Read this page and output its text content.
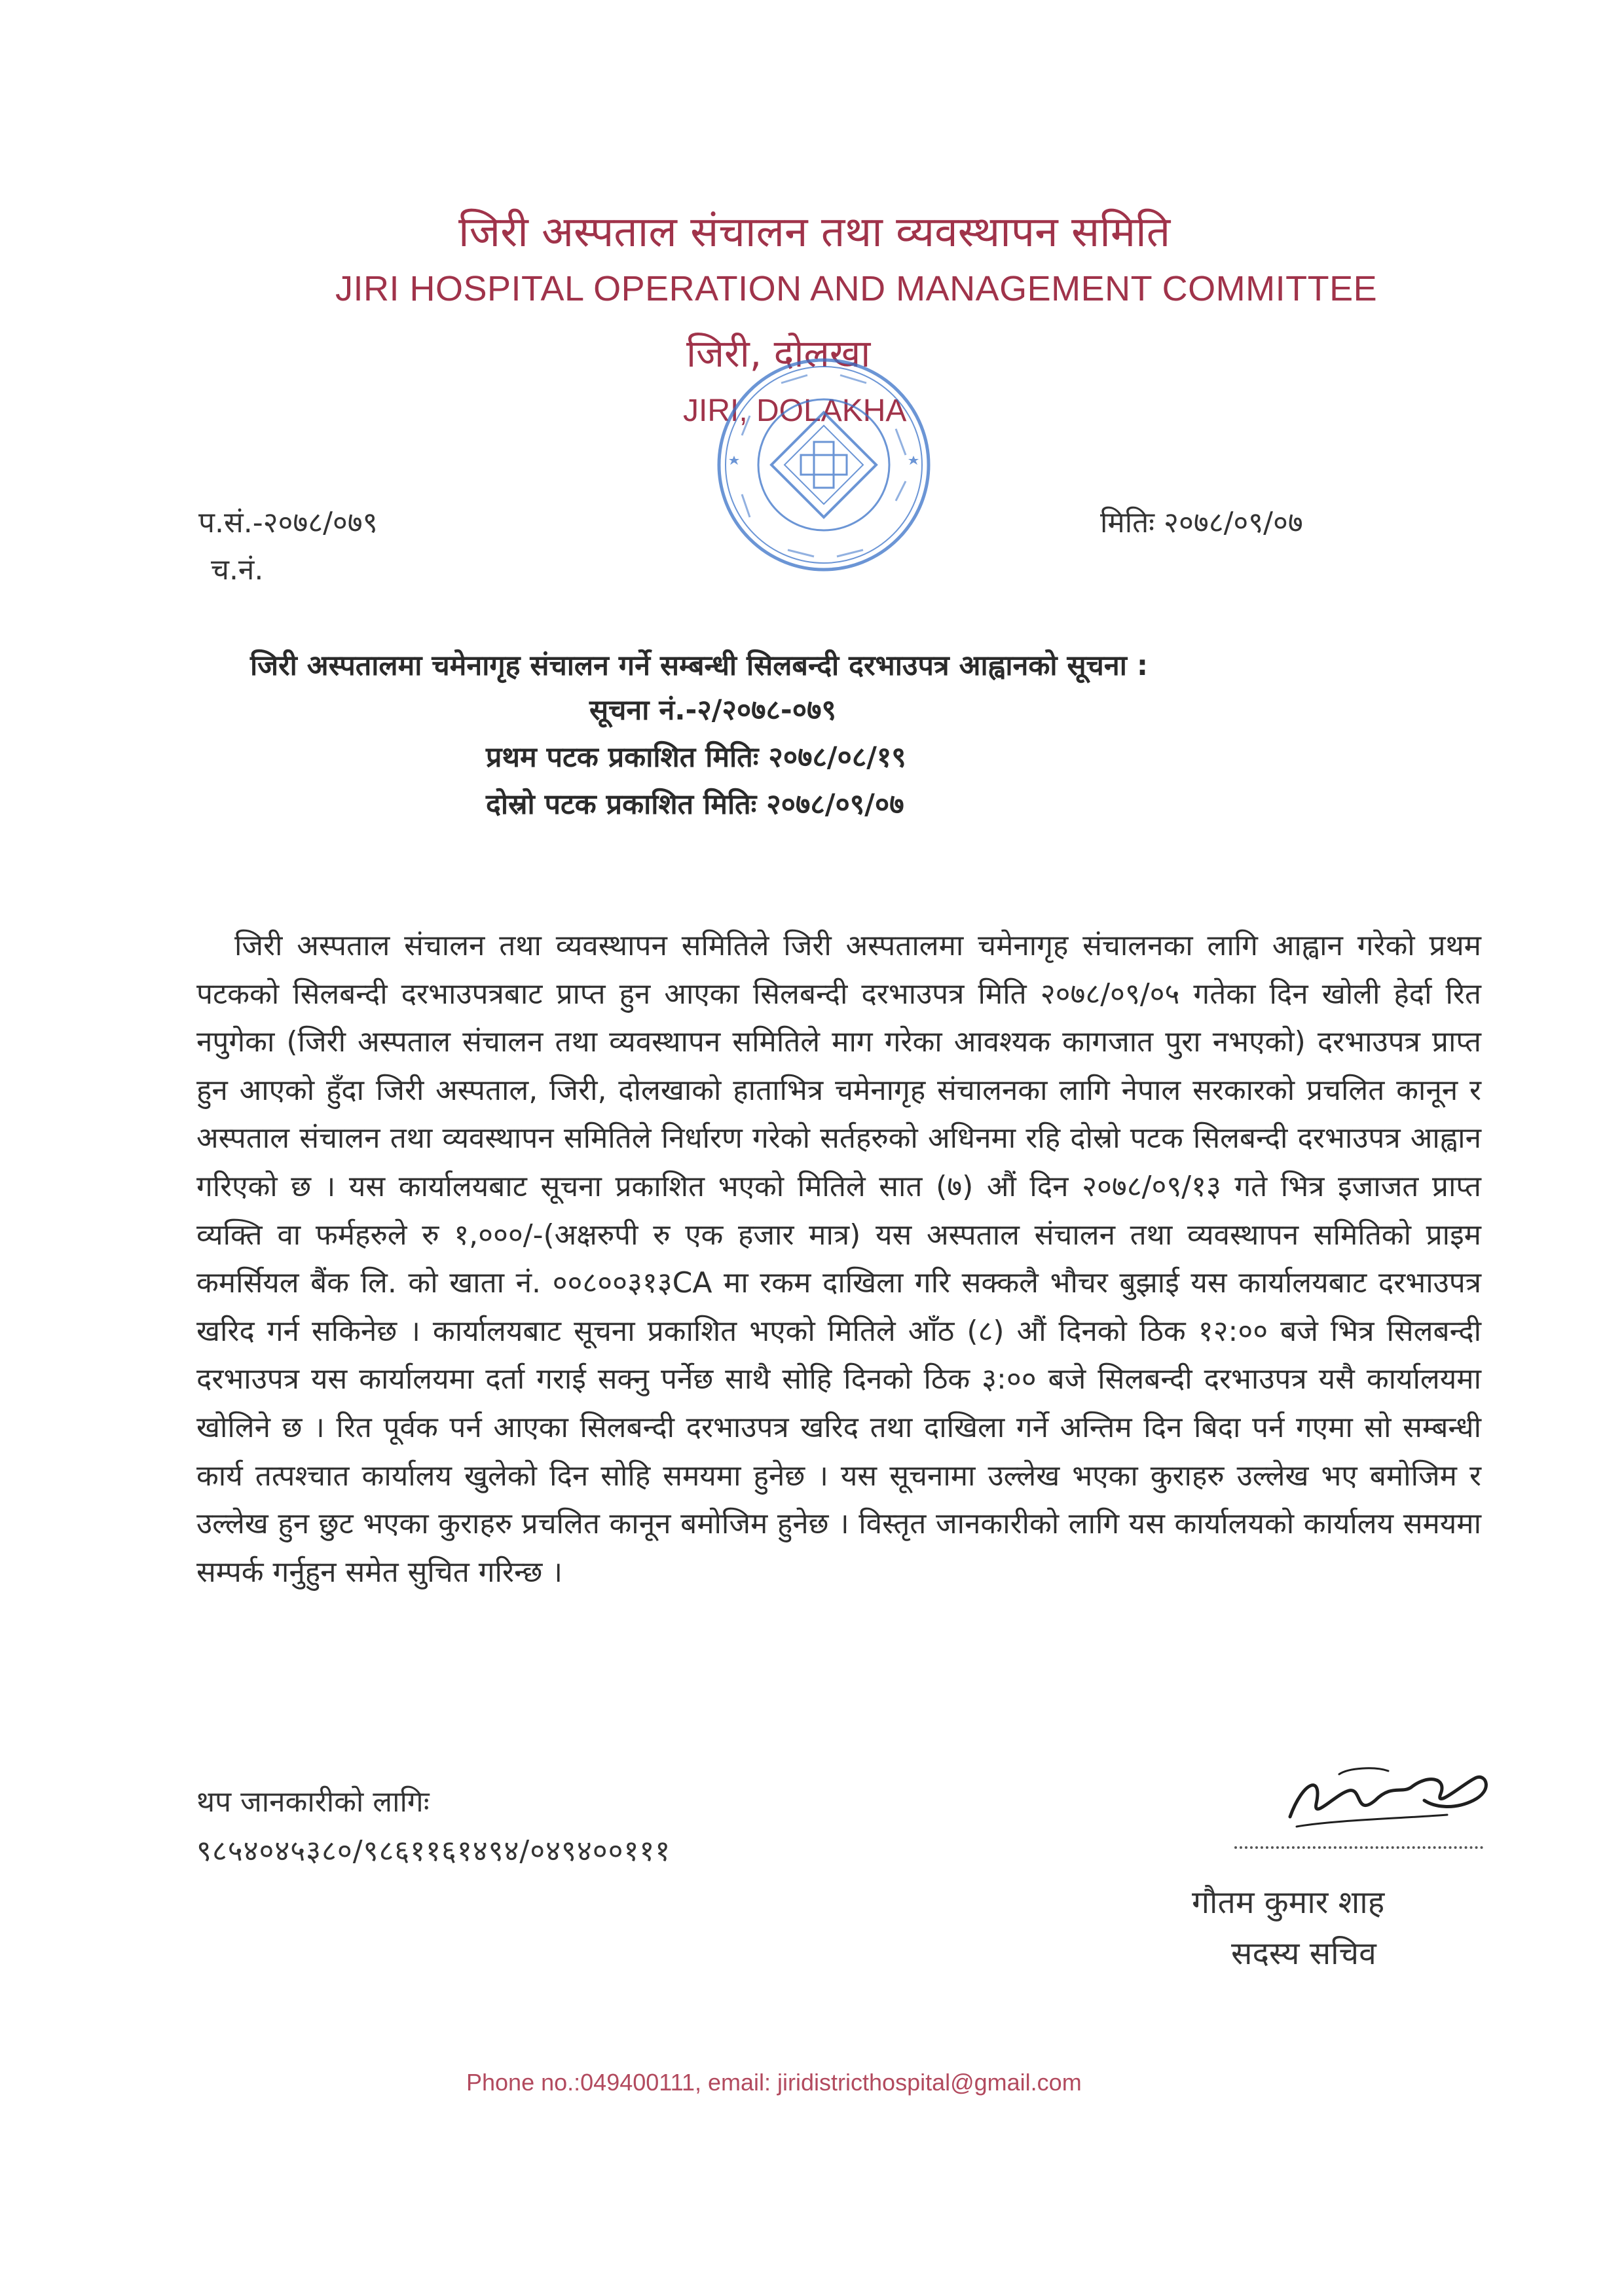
जिरी अस्पताल संचालन तथा व्यवस्थापन समिति
JIRI HOSPITAL OPERATION AND MANAGEMENT COMMITTEE
जिरी, दोलखा
JIRI, DOLAKHA
प.सं.-२०७८/०७९
च.नं.
मितिः २०७८/०९/०७
जिरी अस्पतालमा चमेनागृह संचालन गर्ने सम्बन्धी सिलबन्दी दरभाउपत्र आह्वानको सूचना :
सूचना नं.-२/२०७८-०७९
प्रथम पटक प्रकाशित मितिः २०७८/०८/१९
दोस्रो पटक प्रकाशित मितिः २०७८/०९/०७
जिरी अस्पताल संचालन तथा व्यवस्थापन समितिले जिरी अस्पतालमा चमेनागृह संचालनका लागि आह्वान गरेको प्रथम पटकको सिलबन्दी दरभाउपत्रबाट प्राप्त हुन आएका सिलबन्दी दरभाउपत्र मिति २०७८/०९/०५ गतेका दिन खोली हेर्दा रित नपुगेका (जिरी अस्पताल संचालन तथा व्यवस्थापन समितिले माग गरेका आवश्यक कागजात पुरा नभएको) दरभाउपत्र प्राप्त हुन आएको हुँदा जिरी अस्पताल, जिरी, दोलखाको हाताभित्र चमेनागृह संचालनका लागि नेपाल सरकारको प्रचलित कानून र अस्पताल संचालन तथा व्यवस्थापन समितिले निर्धारण गरेको सर्तहरुको अधिनमा रहि दोस्रो पटक सिलबन्दी दरभाउपत्र आह्वान गरिएको छ । यस कार्यालयबाट सूचना प्रकाशित भएको मितिले सात (७) औं दिन २०७८/०९/१३ गते भित्र इजाजत प्राप्त व्यक्ति वा फर्महरुले रु १,०००/-(अक्षरुपी रु एक हजार मात्र) यस अस्पताल संचालन तथा व्यवस्थापन समितिको प्राइम कमर्सियल बैंक लि. को खाता नं. ००८००३१३CA मा रकम दाखिला गरि सक्कलै भौचर बुझाई यस कार्यालयबाट दरभाउपत्र खरिद गर्न सकिनेछ । कार्यालयबाट सूचना प्रकाशित भएको मितिले आँठ (८) औं दिनको ठिक १२:०० बजे भित्र सिलबन्दी दरभाउपत्र यस कार्यालयमा दर्ता गराई सक्नु पर्नेछ साथै सोहि दिनको ठिक ३:०० बजे सिलबन्दी दरभाउपत्र यसै कार्यालयमा खोलिने छ । रित पूर्वक पर्न आएका सिलबन्दी दरभाउपत्र खरिद तथा दाखिला गर्ने अन्तिम दिन बिदा पर्न गएमा सो सम्बन्धी कार्य तत्पश्चात कार्यालय खुलेको दिन सोहि समयमा हुनेछ । यस सूचनामा उल्लेख भएका कुराहरु उल्लेख भए बमोजिम र उल्लेख हुन छुट भएका कुराहरु प्रचलित कानून बमोजिम हुनेछ । विस्तृत जानकारीको लागि यस कार्यालयको कार्यालय समयमा सम्पर्क गर्नुहुन समेत सुचित गरिन्छ ।
थप जानकारीको लागिः
९८५४०४५३८०/९८६११६१४९४/०४९४००१११
गौतम कुमार शाह
सदस्य सचिव
Phone no.:049400111, email: jiridistricthospital@gmail.com
